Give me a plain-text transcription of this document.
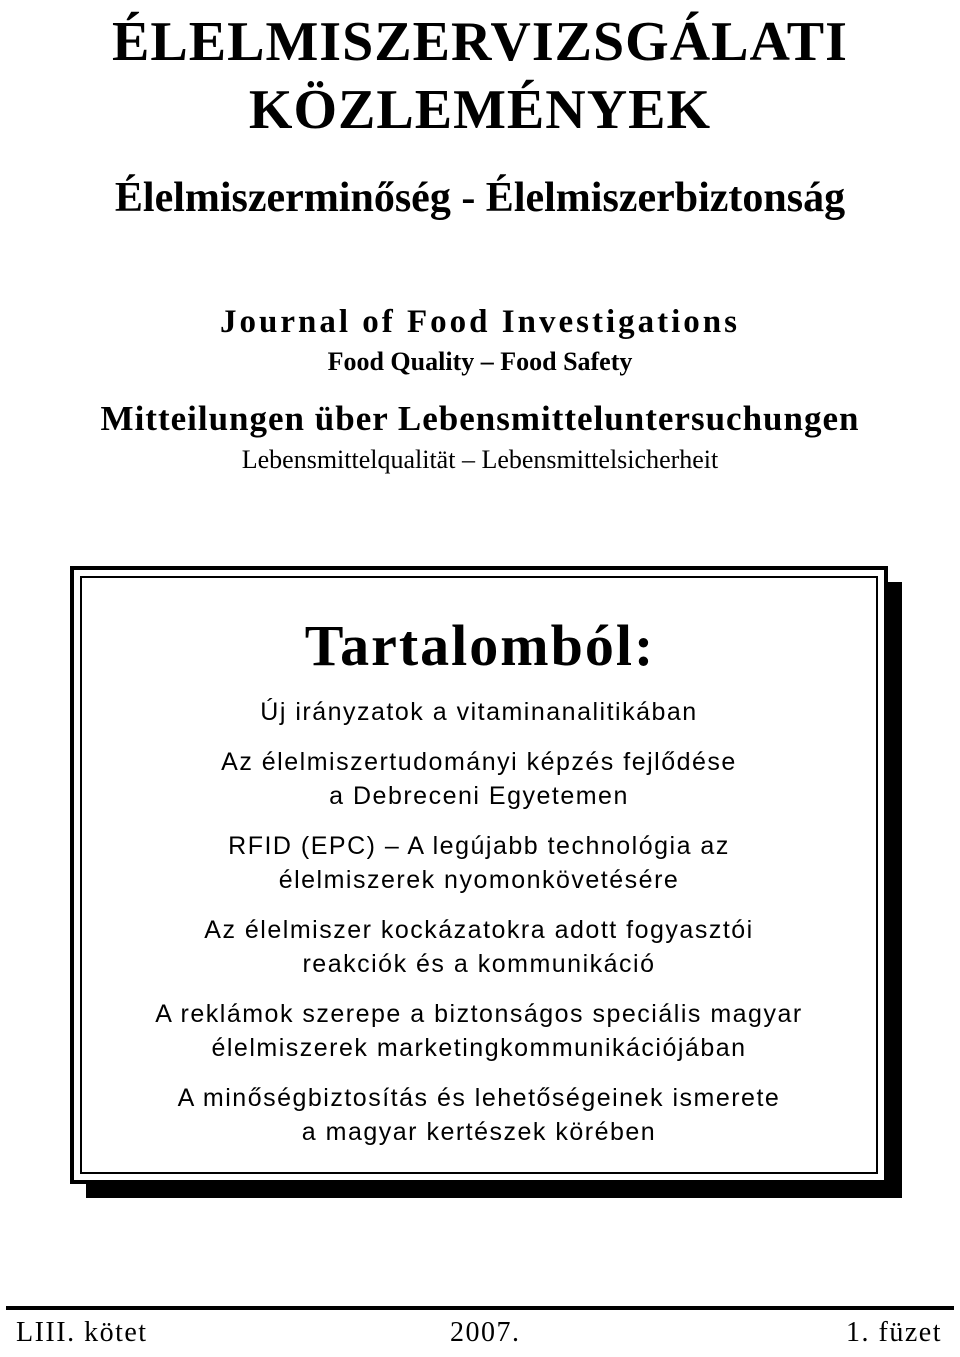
ÉLELMISZERVIZSGÁLATI
KÖZLEMÉNYEK
Élelmiszerminőség - Élelmiszerbiztonság
Journal of Food Investigations
Food Quality – Food Safety
Mitteilungen über Lebensmitteluntersuchungen
Lebensmittelqualität – Lebensmittelsicherheit
Tartalomból:
Új irányzatok a vitaminanalitikában
Az élelmiszertudományi képzés fejlődése
a Debreceni Egyetemen
RFID (EPC) – A legújabb technológia az
élelmiszerek nyomonkövetésére
Az élelmiszer kockázatokra adott fogyasztói
reakciók és a kommunikáció
A reklámok szerepe a biztonságos speciális magyar
élelmiszerek marketingkommunikációjában
A minőségbiztosítás és lehetőségeinek ismerete
a magyar kertészek körében
LIII. kötet	2007.	1. füzet
